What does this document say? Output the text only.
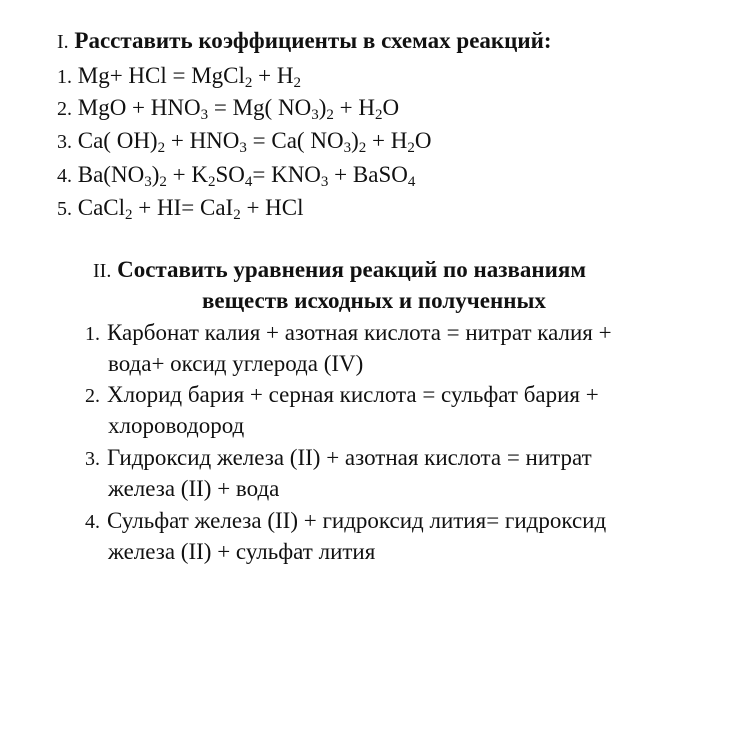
I. Расставить коэффициенты в схемах реакций:
1. Mg+ HCl = MgCl$_2$ + $H_2$
2. MgO + $HNO_3 = Mg$( $NO_3)_2 + H_2O$
3. Ca( $OH)_2 + HNO_3 = Ca$( $NO_3)_2 + H_2O$
4. $Ba(NO_3)_2 + K_2SO_4= KNO_3$ + BaSO$_4$
5. CaCl$_2$ + HI= CaI$_2$ + HCl
II. Составить уравнения реакций по названиям
веществ исходных и полученных
1. Карбонат калия + азотная кислота = нитрат калия +
вода+ оксид углерода (IV)
2. Хлорид бария + серная кислота = сульфат бария +
хлороводород
3. Гидроксид железа (II) + азотная кислота = нитрат
железа (II) + вода
4. Сульфат железа (II) + гидроксид лития= гидроксид
железа (II) + сульфат лития
